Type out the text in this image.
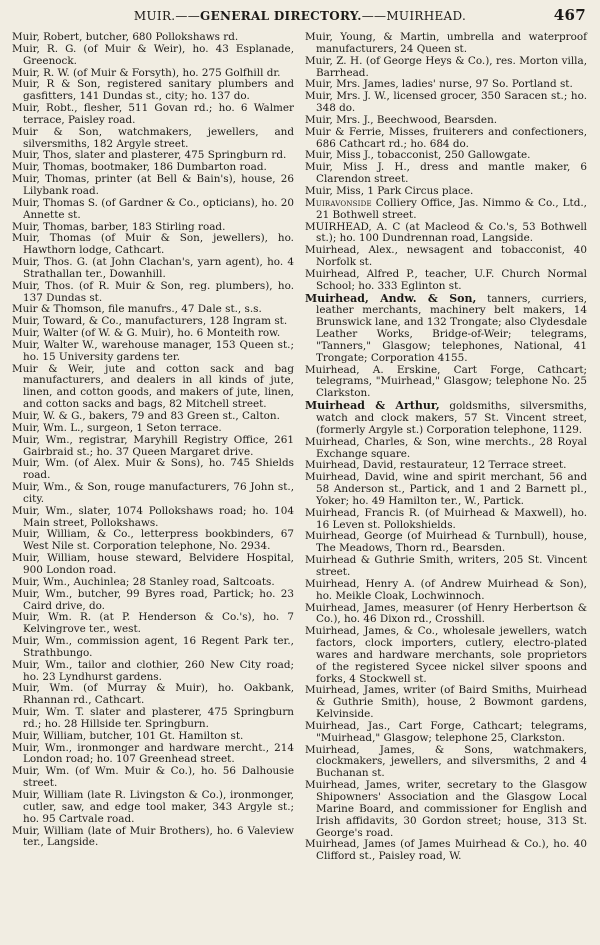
MUIR.——GENERAL DIRECTORY.——MUIRHEAD.	467

Muir, Robert, butcher, 680 Pollokshaws rd.

Muir, R. G. (of Muir & Weir), ho. 43 Esplanade, Greenock.

Muir, R. W. (of Muir & Forsyth), ho. 275 Golfhill dr.

Muir, R & Son, registered sanitary plumbers and gasfitters, 141 Dundas st., city; ho. 137 do.

Muir, Robt., flesher, 511 Govan rd.; ho. 6 Walmer terrace, Paisley road.

Muir & Son, watchmakers, jewellers, and silversmiths, 182 Argyle street.

Muir, Thos, slater and plasterer, 475 Springburn rd.

Muir, Thomas, bootmaker, 186 Dumbarton road.

Muir, Thomas, printer (at Bell & Bain's), house, 26 Lilybank road.

Muir, Thomas S. (of Gardner & Co., opticians), ho. 20 Annette st.

Muir, Thomas, barber, 183 Stirling road.

Muir, Thomas (of Muir & Son, jewellers), ho. Hawthorn lodge, Cathcart.

Muir, Thos. G. (at John Clachan's, yarn agent), ho. 4 Strathallan ter., Dowanhill.

Muir, Thos. (of R. Muir & Son, reg. plumbers), ho. 137 Dundas st.

Muir & Thomson, file manufrs., 47 Dale st., s.s.

Muir, Toward, & Co., manufacturers, 128 Ingram st.

Muir, Walter (of W. & G. Muir), ho. 6 Monteith row.

Muir, Walter W., warehouse manager, 153 Queen st.; ho. 15 University gardens ter.

Muir & Weir, jute and cotton sack and bag manufacturers, and dealers in all kinds of jute, linen, and cotton goods, and makers of jute, linen, and cotton sacks and bags, 82 Mitchell street.

Muir, W. & G., bakers, 79 and 83 Green st., Calton.

Muir, Wm. L., surgeon, 1 Seton terrace.

Muir, Wm., registrar, Maryhill Registry Office, 261 Gairbraid st.; ho. 37 Queen Margaret drive.

Muir, Wm. (of Alex. Muir & Sons), ho. 745 Shields road.

Muir, Wm., & Son, rouge manufacturers, 76 John st., city.

Muir, Wm., slater, 1074 Pollokshaws road; ho. 104 Main street, Pollokshaws.

Muir, William, & Co., letterpress bookbinders, 67 West Nile st. Corporation telephone, No. 2934.

Muir, William, house steward, Belvidere Hospital, 900 London road.

Muir, Wm., Auchinlea; 28 Stanley road, Saltcoats.

Muir, Wm., butcher, 99 Byres road, Partick; ho. 23 Caird drive, do.

Muir, Wm. R. (at P. Henderson & Co.'s), ho. 7 Kelvingrove ter., west.

Muir, Wm., commission agent, 16 Regent Park ter., Strathbungo.

Muir, Wm., tailor and clothier, 260 New City road; ho. 23 Lyndhurst gardens.

Muir, Wm. (of Murray & Muir), ho. Oakbank, Rhannan rd., Cathcart.

Muir, Wm. T. slater and plasterer, 475 Springburn rd.; ho. 28 Hillside ter. Springburn.

Muir, William, butcher, 101 Gt. Hamilton st.

Muir, Wm., ironmonger and hardware mercht., 214 London road; ho. 107 Greenhead street.

Muir, Wm. (of Wm. Muir & Co.), ho. 56 Dalhousie street.

Muir, William (late R. Livingston & Co.), ironmonger, cutler, saw, and edge tool maker, 343 Argyle st.; ho. 95 Cartvale road.

Muir, William (late of Muir Brothers), ho. 6 Valeview ter., Langside.

Muir, Young, & Martin, umbrella and waterproof manufacturers, 24 Queen st.

Muir, Z. H. (of George Heys & Co.), res. Morton villa, Barrhead.

Muir, Mrs. James, ladies' nurse, 97 So. Portland st.

Muir, Mrs. J. W., licensed grocer, 350 Saracen st.; ho. 348 do.

Muir, Mrs. J., Beechwood, Bearsden.

Muir & Ferrie, Misses, fruiterers and confectioners, 686 Cathcart rd.; ho. 684 do.

Muir, Miss J., tobacconist, 250 Gallowgate.

Muir, Miss J. H., dress and mantle maker, 6 Clarendon street.

Muir, Miss, 1 Park Circus place.

Muiravonside Colliery Office, Jas. Nimmo & Co., Ltd., 21 Bothwell street.

MUIRHEAD, A. C (at Macleod & Co.'s, 53 Bothwell st.); ho. 100 Dundrennan road, Langside.

Muirhead, Alex., newsagent and tobacconist, 40 Norfolk st.

Muirhead, Alfred P., teacher, U.F. Church Normal School; ho. 333 Eglinton st.

Muirhead, Andw. & Son, tanners, curriers, leather merchants, machinery belt makers, 14 Brunswick lane, and 132 Trongate; also Clydesdale Leather Works, Bridge-of-Weir; telegrams, "Tanners," Glasgow; telephones, National, 41 Trongate; Corporation 4155.

Muirhead, A. Erskine, Cart Forge, Cathcart; telegrams, "Muirhead," Glasgow; telephone No. 25 Clarkston.

Muirhead & Arthur, goldsmiths, silversmiths, watch and clock makers, 57 St. Vincent street, (formerly Argyle st.) Corporation telephone, 1129.

Muirhead, Charles, & Son, wine merchts., 28 Royal Exchange square.

Muirhead, David, restaurateur, 12 Terrace street.

Muirhead, David, wine and spirit merchant, 56 and 58 Anderson st., Partick, and 1 and 2 Barnett pl., Yoker; ho. 49 Hamilton ter., W., Partick.

Muirhead, Francis R. (of Muirhead & Maxwell), ho. 16 Leven st. Pollokshields.

Muirhead, George (of Muirhead & Turnbull), house, The Meadows, Thorn rd., Bearsden.

Muirhead & Guthrie Smith, writers, 205 St. Vincent street.

Muirhead, Henry A. (of Andrew Muirhead & Son), ho. Meikle Cloak, Lochwinnoch.

Muirhead, James, measurer (of Henry Herbertson & Co.), ho. 46 Dixon rd., Crosshill.

Muirhead, James, & Co., wholesale jewellers, watch factors, clock importers, cutlery, electro-plated wares and hardware merchants, sole proprietors of the registered Sycee nickel silver spoons and forks, 4 Stockwell st.

Muirhead, James, writer (of Baird Smiths, Muirhead & Guthrie Smith), house, 2 Bowmont gardens, Kelvinside.

Muirhead, Jas., Cart Forge, Cathcart; telegrams, "Muirhead," Glasgow; telephone 25, Clarkston.

Muirhead, James, & Sons, watchmakers, clockmakers, jewellers, and silversmiths, 2 and 4 Buchanan st.

Muirhead, James, writer, secretary to the Glasgow Shipowners' Association and the Glasgow Local Marine Board, and commissioner for English and Irish affidavits, 30 Gordon street; house, 313 St. George's road.

Muirhead, James (of James Muirhead & Co.), ho. 40 Clifford st., Paisley road, W.
